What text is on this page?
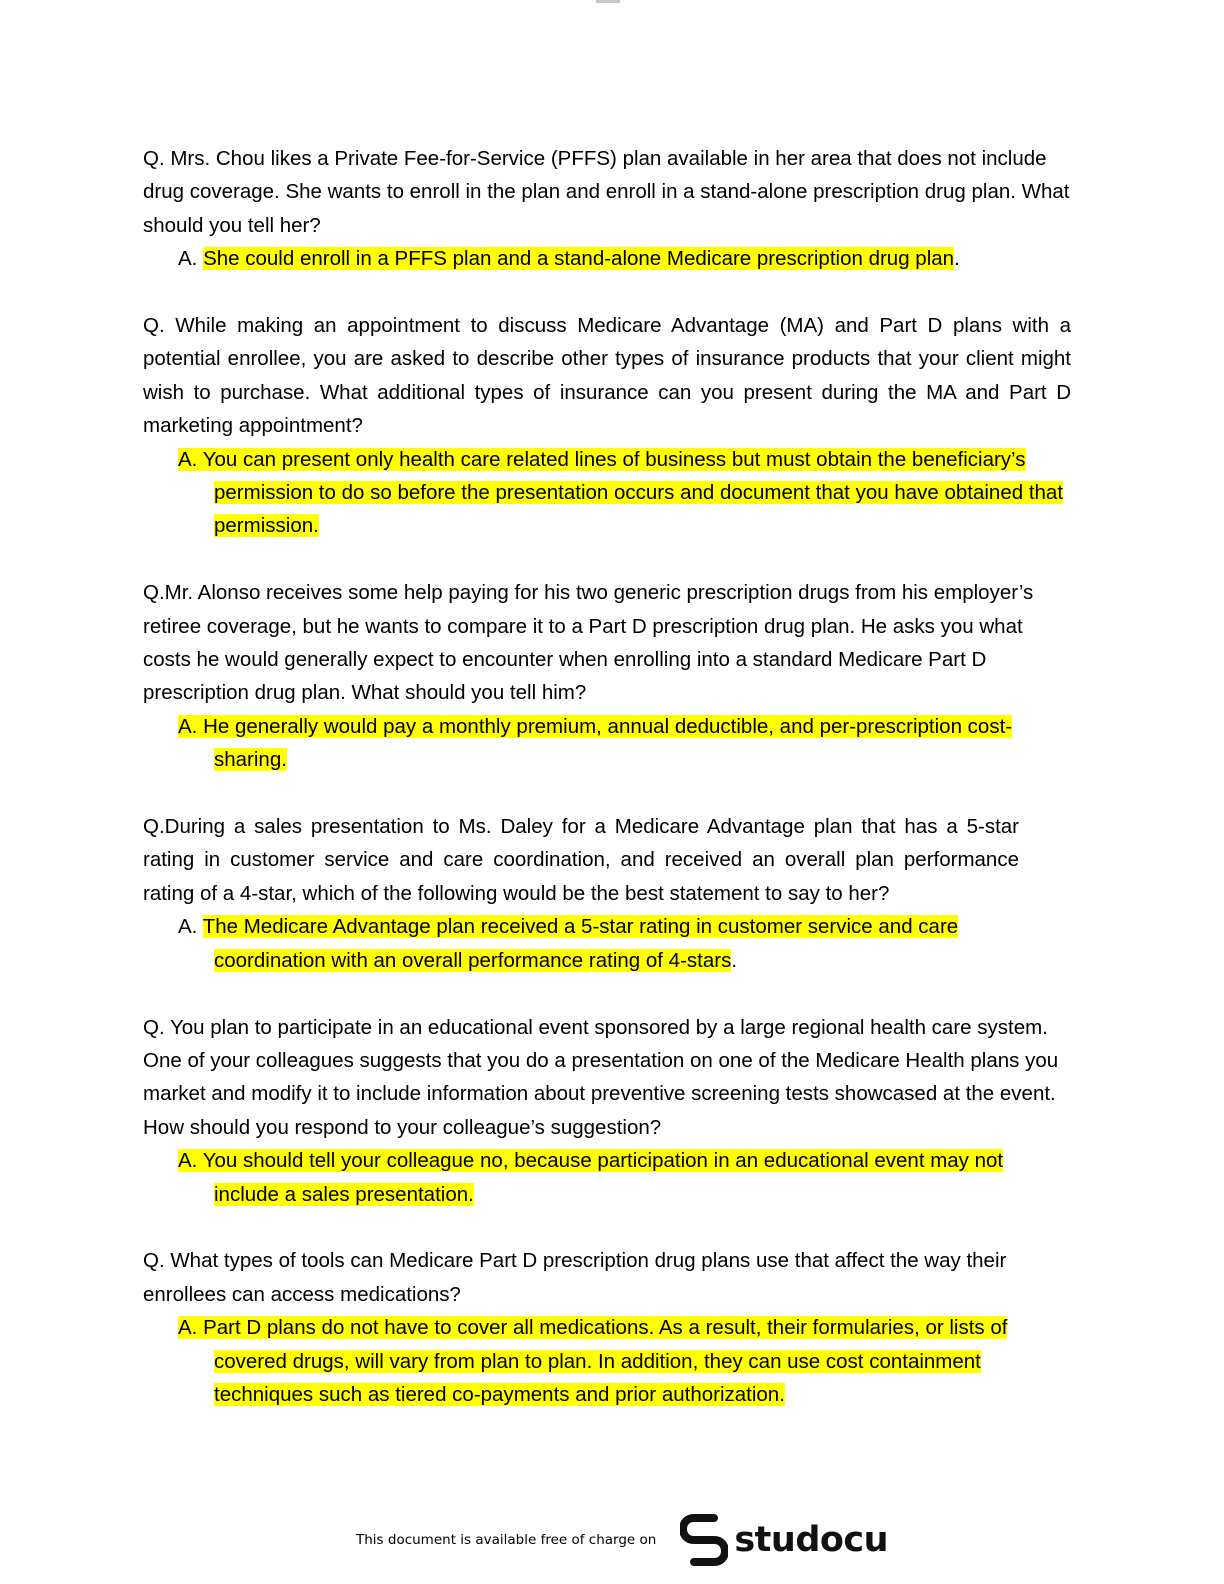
Q. Mrs. Chou likes a Private Fee-for-Service (PFFS) plan available in her area that does not include drug coverage. She wants to enroll in the plan and enroll in a stand-alone prescription drug plan. What should you tell her?

A. She could enroll in a PFFS plan and a stand-alone Medicare prescription drug plan.

Q. While making an appointment to discuss Medicare Advantage (MA) and Part D plans with a potential enrollee, you are asked to describe other types of insurance products that your client might wish to purchase. What additional types of insurance can you present during the MA and Part D marketing appointment?

A. You can present only health care related lines of business but must obtain the beneficiary’s permission to do so before the presentation occurs and document that you have obtained that permission.

Q.Mr. Alonso receives some help paying for his two generic prescription drugs from his employer’s retiree coverage, but he wants to compare it to a Part D prescription drug plan. He asks you what costs he would generally expect to encounter when enrolling into a standard Medicare Part D prescription drug plan. What should you tell him?

A. He generally would pay a monthly premium, annual deductible, and per-prescription cost-sharing.

Q.During a sales presentation to Ms. Daley for a Medicare Advantage plan that has a 5-star rating in customer service and care coordination, and received an overall plan performance rating of a 4-star, which of the following would be the best statement to say to her?

A. The Medicare Advantage plan received a 5-star rating in customer service and care coordination with an overall performance rating of 4-stars.

Q. You plan to participate in an educational event sponsored by a large regional health care system. One of your colleagues suggests that you do a presentation on one of the Medicare Health plans you market and modify it to include information about preventive screening tests showcased at the event. How should you respond to your colleague’s suggestion?

A. You should tell your colleague no, because participation in an educational event may not include a sales presentation.

Q. What types of tools can Medicare Part D prescription drug plans use that affect the way their enrollees can access medications?

A. Part D plans do not have to cover all medications. As a result, their formularies, or lists of covered drugs, will vary from plan to plan. In addition, they can use cost containment techniques such as tiered co-payments and prior authorization.

This document is available free of charge on studocu
